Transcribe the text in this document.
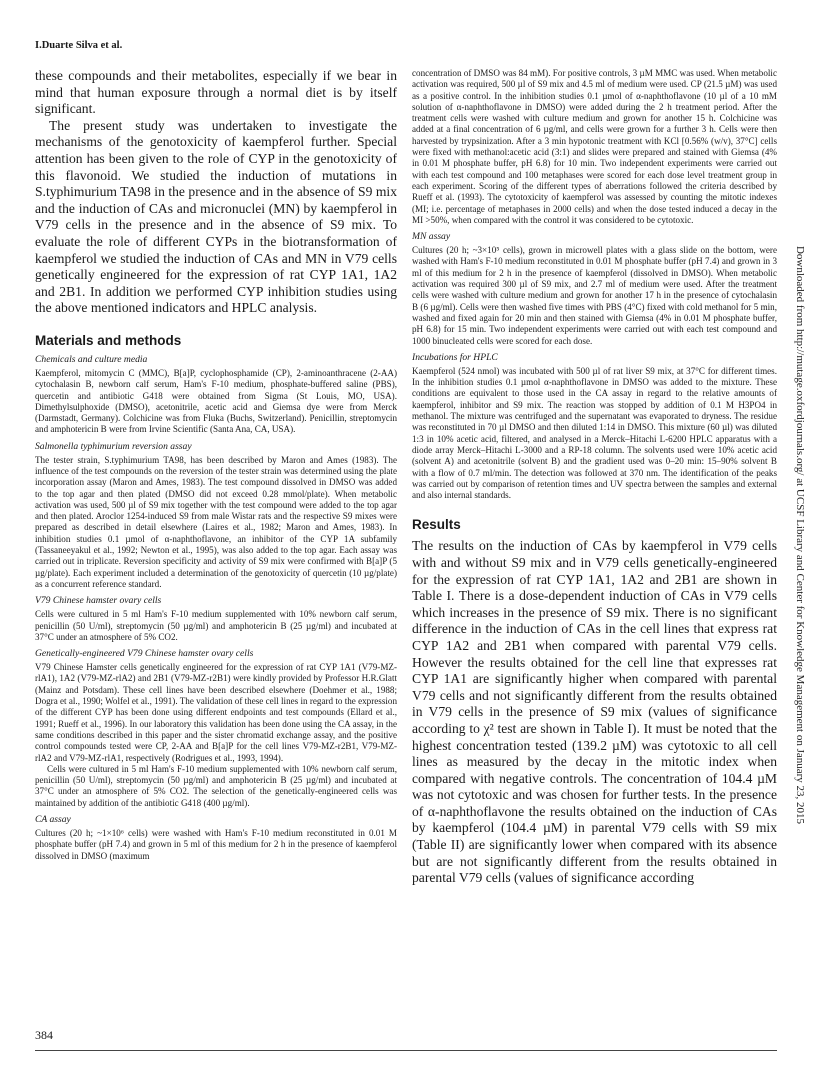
I.Duarte Silva et al.

these compounds and their metabolites, especially if we bear in mind that human exposure through a normal diet is by itself significant.

The present study was undertaken to investigate the mechanisms of the genotoxicity of kaempferol further. Special attention has been given to the role of CYP in the genotoxicity of this flavonoid. We studied the induction of mutations in S.typhimurium TA98 in the presence and in the absence of S9 mix and the induction of CAs and micronuclei (MN) by kaempferol in V79 cells in the presence and in the absence of S9 mix. To evaluate the role of different CYPs in the biotransformation of kaempferol we studied the induction of CAs and MN in V79 cells genetically engineered for the expression of rat CYP 1A1, 1A2 and 2B1. In addition we performed CYP inhibition studies using the above mentioned indicators and HPLC analysis.

Materials and methods
Chemicals and culture media

Kaempferol, mitomycin C (MMC), B[a]P, cyclophosphamide (CP), 2-aminoanthracene (2-AA) cytochalasin B, newborn calf serum, Ham's F-10 medium, phosphate-buffered saline (PBS), quercetin and antibiotic G418 were obtained from Sigma (St Louis, MO, USA). Dimethylsulphoxide (DMSO), acetonitrile, acetic acid and Giemsa dye were from Merck (Darmstadt, Germany). Colchicine was from Fluka (Buchs, Switzerland). Penicillin, streptomycin and amphotericin B were from Irvine Scientific (Santa Ana, CA, USA).

Salmonella typhimurium reversion assay

The tester strain, S.typhimurium TA98, has been described by Maron and Ames (1983). The influence of the test compounds on the reversion of the tester strain was determined using the plate incorporation assay (Maron and Ames, 1983). The test compound dissolved in DMSO was added to the top agar and then plated (DMSO did not exceed 0.28 mmol/plate). When metabolic activation was used, 500 µl of S9 mix together with the test compound were added to the top agar and then plated. Aroclor 1254-induced S9 from male Wistar rats and the respective S9 mixes were prepared as described in detail elsewhere (Laires et al., 1982; Maron and Ames, 1983). In inhibition studies 0.1 µmol of α-naphthoflavone, an inhibitor of the CYP 1A subfamily (Tassaneeyakul et al., 1992; Newton et al., 1995), was also added to the top agar. Each assay was carried out in triplicate. Reversion specificity and activity of S9 mix were confirmed with B[a]P (5 µg/plate). Each experiment included a determination of the genotoxicity of quercetin (10 µg/plate) as a concurrent reference standard.

V79 Chinese hamster ovary cells

Cells were cultured in 5 ml Ham's F-10 medium supplemented with 10% newborn calf serum, penicillin (50 U/ml), streptomycin (50 µg/ml) and amphotericin B (25 µg/ml) and incubated at 37°C under an atmosphere of 5% CO2.

Genetically-engineered V79 Chinese hamster ovary cells

V79 Chinese Hamster cells genetically engineered for the expression of rat CYP 1A1 (V79-MZ-rlA1), 1A2 (V79-MZ-rlA2) and 2B1 (V79-MZ-r2B1) were kindly provided by Professor H.R.Glatt (Mainz and Potsdam). These cell lines have been described elsewhere (Doehmer et al., 1988; Dogra et al., 1990; Wolfel et al., 1991). The validation of these cell lines in regard to the expression of the different CYP has been done using different endpoints and test compounds (Ellard et al., 1991; Rueff et al., 1996). In our laboratory this validation has been done using the CA assay, in the same conditions described in this paper and the sister chromatid exchange assay, and the positive control compounds tested were CP, 2-AA and B[a]P for the cell lines V79-MZ-r2B1, V79-MZ-rlA2 and V79-MZ-rlA1, respectively (Rodrigues et al., 1993, 1994).

Cells were cultured in 5 ml Ham's F-10 medium supplemented with 10% newborn calf serum, penicillin (50 U/ml), streptomycin (50 µg/ml) and amphotericin B (25 µg/ml) and incubated at 37°C under an atmosphere of 5% CO2. The selection of the genetically-engineered cells was maintained by addition of the antibiotic G418 (400 µg/ml).

CA assay

Cultures (20 h; ~1×10⁶ cells) were washed with Ham's F-10 medium reconstituted in 0.01 M phosphate buffer (pH 7.4) and grown in 5 ml of this medium for 2 h in the presence of kaempferol dissolved in DMSO (maximum

concentration of DMSO was 84 mM). For positive controls, 3 µM MMC was used. When metabolic activation was required, 500 µl of S9 mix and 4.5 ml of medium were used. CP (21.5 µM) was used as a positive control. In the inhibition studies 0.1 µmol of α-naphthoflavone (10 µl of a 10 mM solution of α-naphthoflavone in DMSO) were added during the 2 h treatment period. After the treatment cells were washed with culture medium and grown for another 15 h. Colchicine was added at a final concentration of 6 µg/ml, and cells were grown for a further 3 h. Cells were then harvested by trypsinization. After a 3 min hypotonic treatment with KCl [0.56% (w/v), 37°C] cells were fixed with methanol:acetic acid (3:1) and slides were prepared and stained with Giemsa (4% in 0.01 M phosphate buffer, pH 6.8) for 10 min. Two independent experiments were carried out with each test compound and 100 metaphases were scored for each dose level treatment group in each experiment. Scoring of the different types of aberrations followed the criteria described by Rueff et al. (1993). The cytotoxicity of kaempferol was assessed by counting the mitotic indexes (MI; i.e. percentage of metaphases in 2000 cells) and when the dose tested induced a decay in the MI >50%, when compared with the control it was considered to be cytotoxic.

MN assay

Cultures (20 h; ~3×10⁵ cells), grown in microwell plates with a glass slide on the bottom, were washed with Ham's F-10 medium reconstituted in 0.01 M phosphate buffer (pH 7.4) and grown in 3 ml of this medium for 2 h in the presence of kaempferol (dissolved in DMSO). When metabolic activation was required 300 µl of S9 mix, and 2.7 ml of medium were used. After the treatment cells were washed with culture medium and grown for another 17 h in the presence of cytochalasin B (6 µg/ml). Cells were then washed five times with PBS (4°C) fixed with cold methanol for 5 min, washed and fixed again for 20 min and then stained with Giemsa (4% in 0.01 M phosphate buffer, pH 6.8) for 15 min. Two independent experiments were carried out with each test compound and 1000 binucleated cells were scored for each dose.

Incubations for HPLC

Kaempferol (524 nmol) was incubated with 500 µl of rat liver S9 mix, at 37°C for different times. In the inhibition studies 0.1 µmol α-naphthoflavone in DMSO was added to the mixture. These conditions are equivalent to those used in the CA assay in regard to the relative amounts of kaempferol, inhibitor and S9 mix. The reaction was stopped by addition of 0.1 M H3PO4 in methanol. The mixture was centrifuged and the supernatant was evaporated to dryness. The residue was reconstituted in 70 µl DMSO and then diluted 1:14 in DMSO. This mixture (60 µl) was diluted 1:3 in 10% acetic acid, filtered, and analysed in a Merck–Hitachi L-6200 HPLC apparatus with a diode array Merck–Hitachi L-3000 and a RP-18 column. The solvents used were 10% acetic acid (solvent A) and acetonitrile (solvent B) and the gradient used was 0–20 min: 15–90% solvent B with a flow of 0.7 ml/min. The detection was followed at 370 nm. The identification of the peaks was carried out by comparison of retention times and UV spectra between the samples and external and also internal standards.

Results

The results on the induction of CAs by kaempferol in V79 cells with and without S9 mix and in V79 cells genetically-engineered for the expression of rat CYP 1A1, 1A2 and 2B1 are shown in Table I. There is a dose-dependent induction of CAs in V79 cells which increases in the presence of S9 mix. There is no significant difference in the induction of CAs in the cell lines that express rat CYP 1A2 and 2B1 when compared with parental V79 cells. However the results obtained for the cell line that expresses rat CYP 1A1 are significantly higher when compared with parental V79 cells and not significantly different from the results obtained in V79 cells in the presence of S9 mix (values of significance according to χ² test are shown in Table I). It must be noted that the highest concentration tested (139.2 µM) was cytotoxic to all cell lines as measured by the decay in the mitotic index when compared with negative controls. The concentration of 104.4 µM was not cytotoxic and was chosen for further tests. In the presence of α-naphthoflavone the results obtained on the induction of CAs by kaempferol (104.4 µM) in parental V79 cells with S9 mix (Table II) are significantly lower when compared with its absence but are not significantly different from the results obtained in parental V79 cells (values of significance according

384
Downloaded from http://mutage.oxfordjournals.org/ at UCSF Library and Center for Knowledge Management on January 23, 2015
